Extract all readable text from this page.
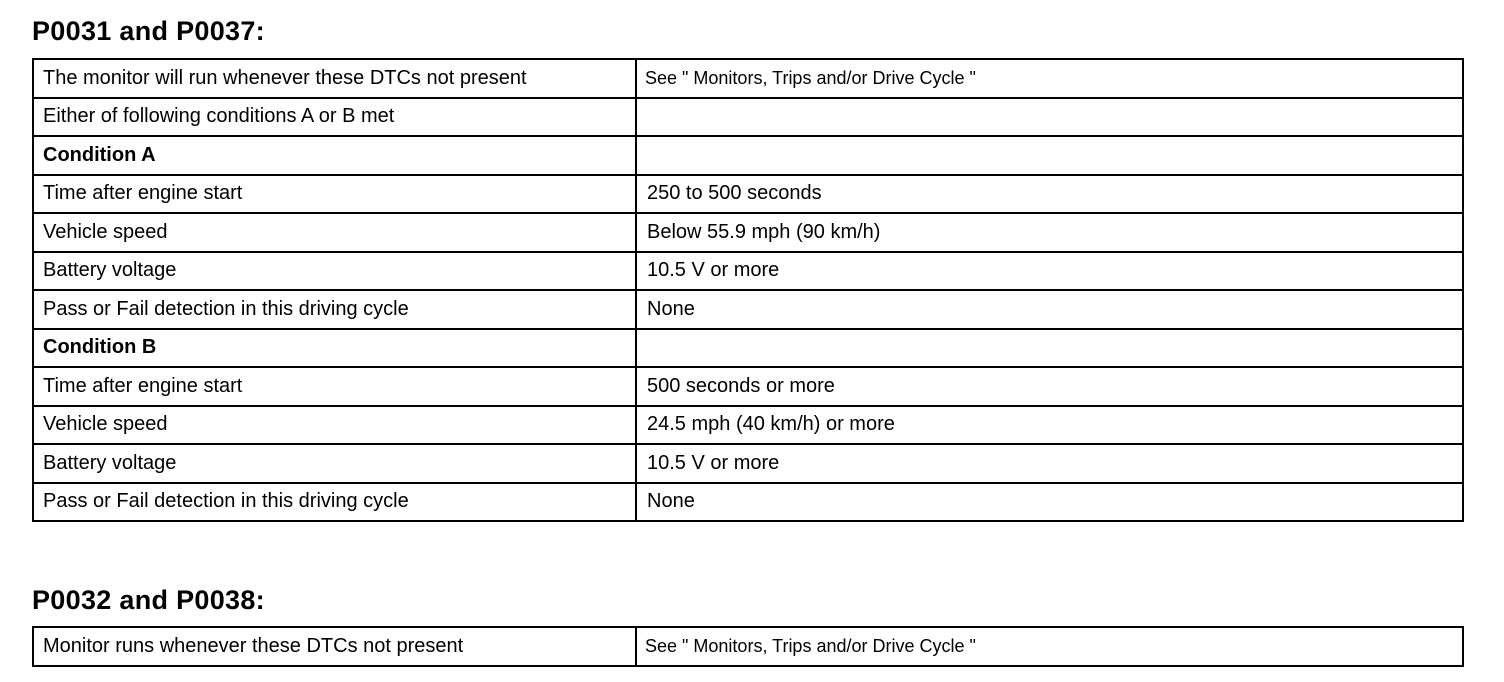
P0031 and P0037:
The monitor will run whenever these DTCs not present	See " Monitors, Trips and/or Drive Cycle "
Either of following conditions A or B met	
Condition A	
Time after engine start	250 to 500 seconds
Vehicle speed	Below 55.9 mph (90 km/h)
Battery voltage	10.5 V or more
Pass or Fail detection in this driving cycle	None
Condition B	
Time after engine start	500 seconds or more
Vehicle speed	24.5 mph (40 km/h) or more
Battery voltage	10.5 V or more
Pass or Fail detection in this driving cycle	None
P0032 and P0038:
Monitor runs whenever these DTCs not present	See " Monitors, Trips and/or Drive Cycle "
